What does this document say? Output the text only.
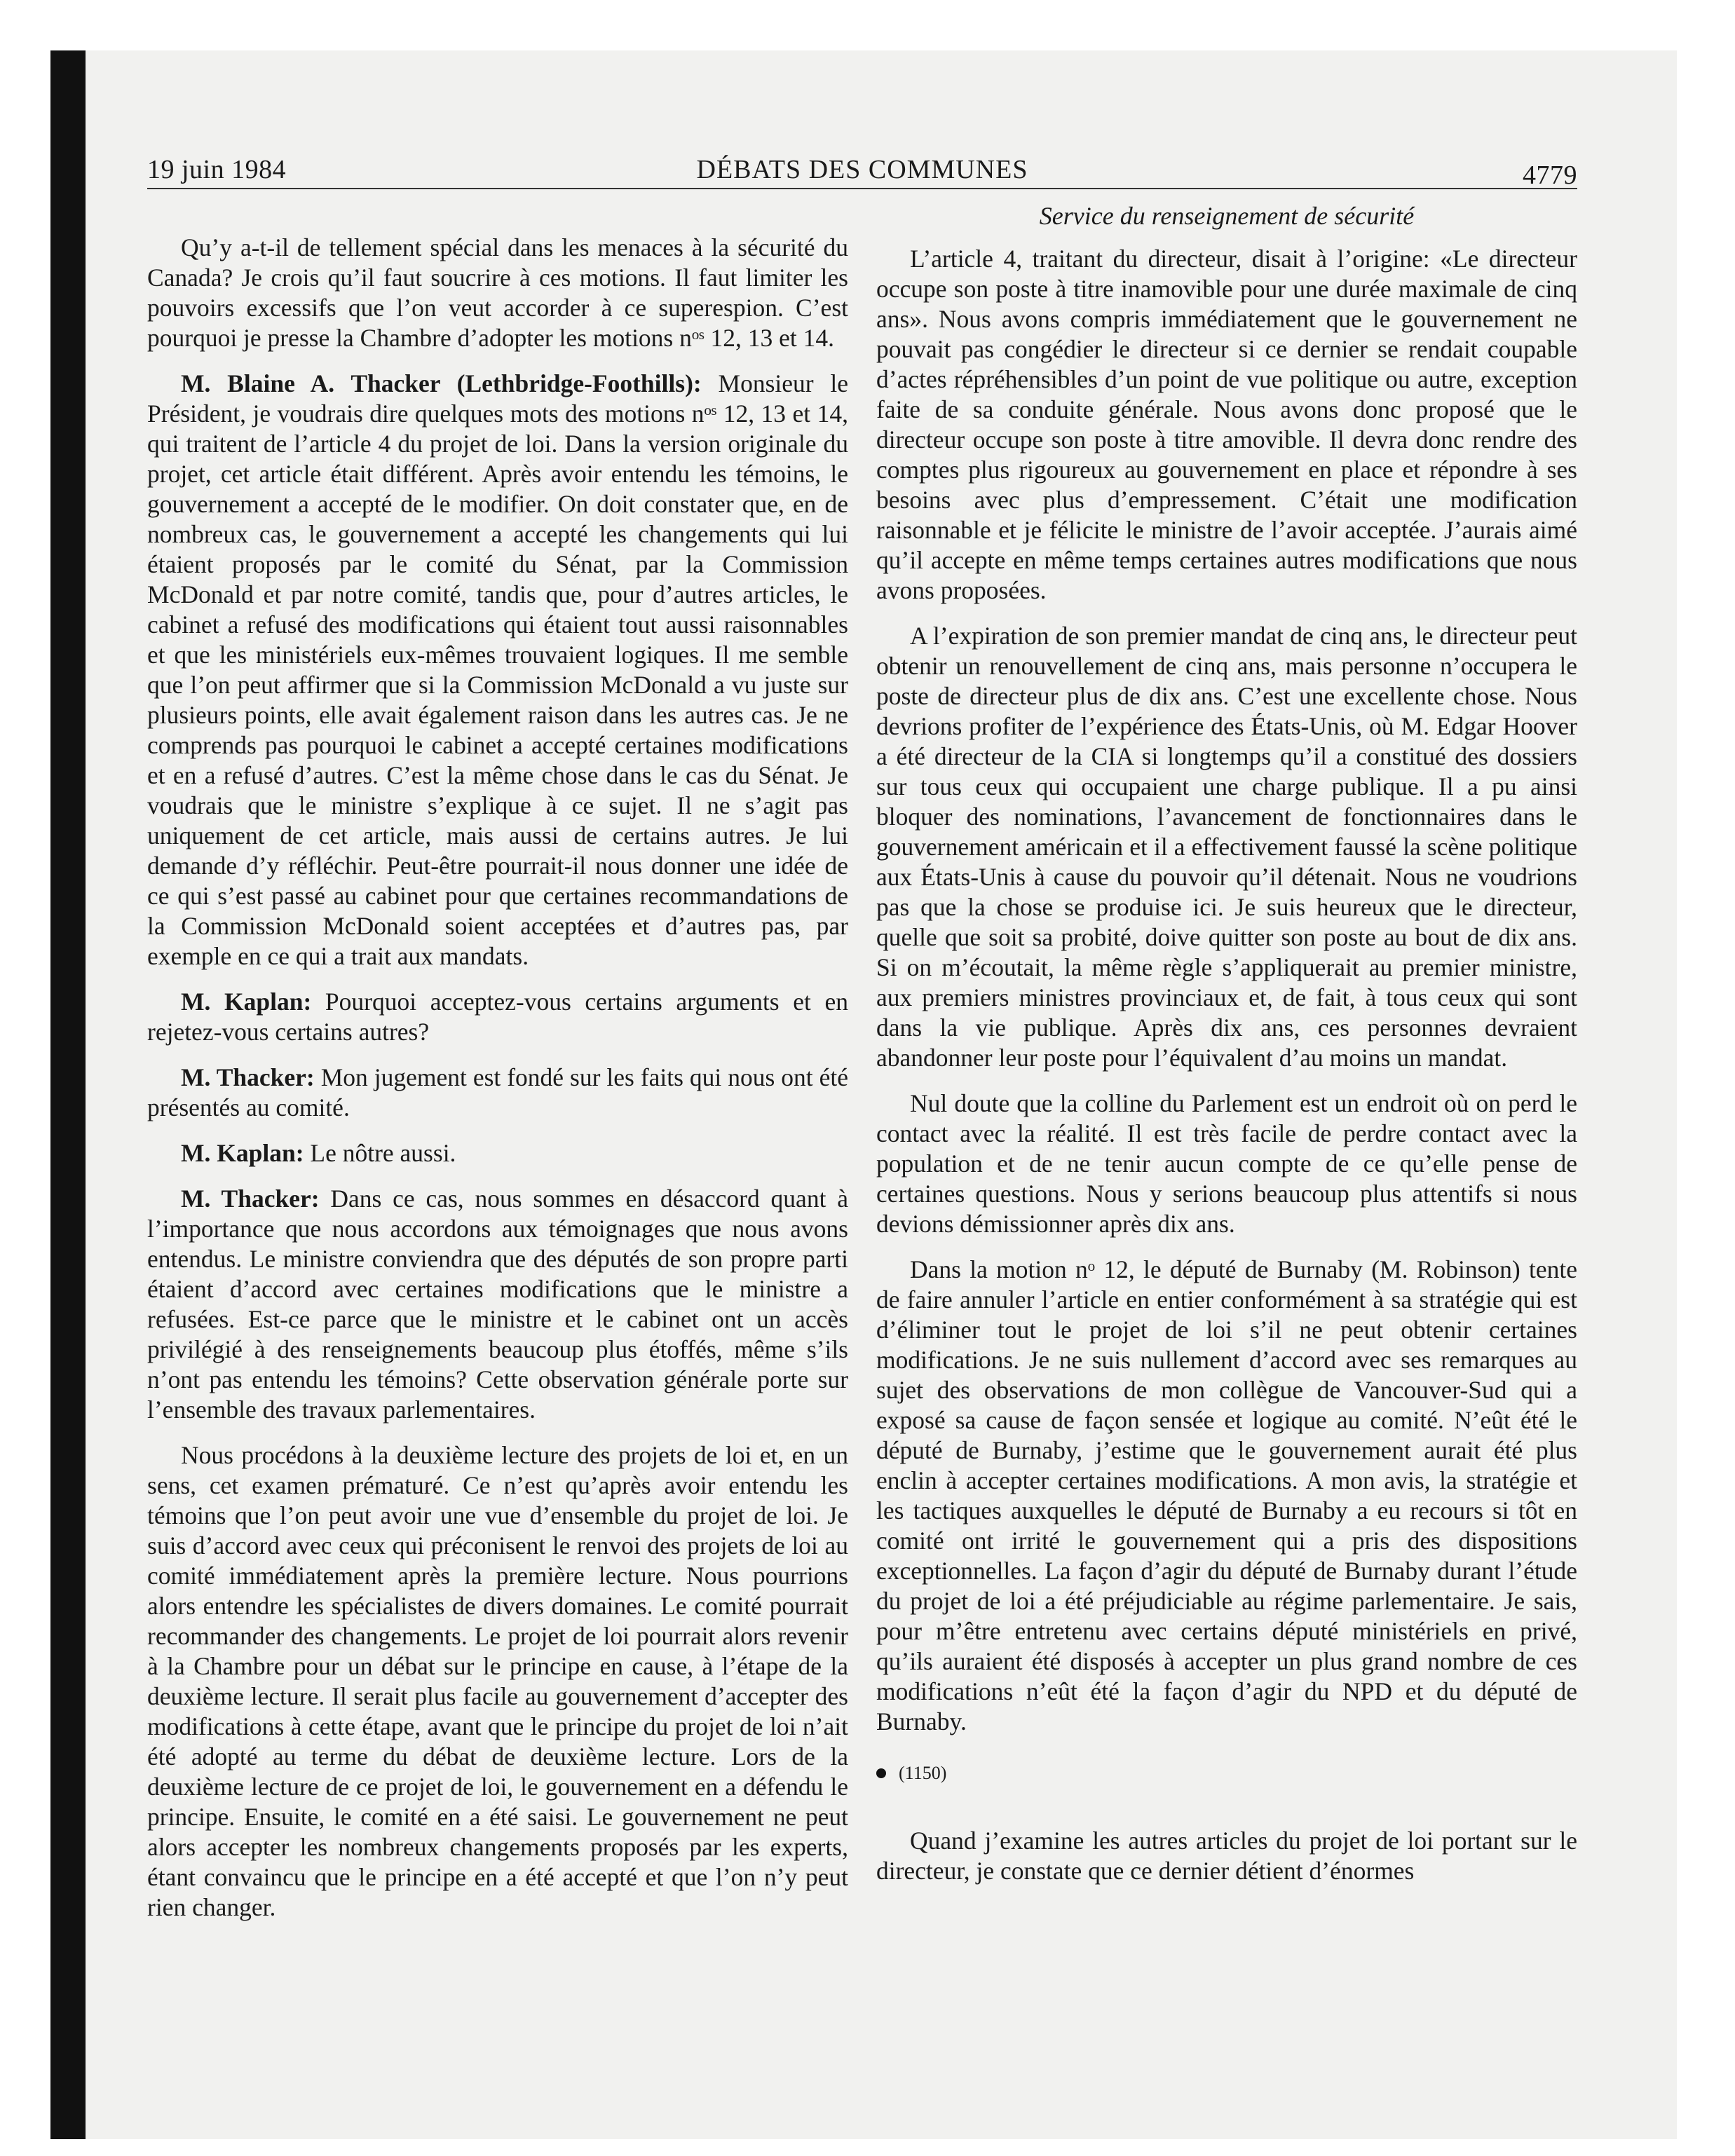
19 juin 1984	DÉBATS DES COMMUNES	4779

Qu’y a-t-il de tellement spécial dans les menaces à la sécurité du Canada? Je crois qu’il faut soucrire à ces motions. Il faut limiter les pouvoirs excessifs que l’on veut accorder à ce superespion. C’est pourquoi je presse la Chambre d’adopter les motions nᵒˢ 12, 13 et 14.

M. Blaine A. Thacker (Lethbridge-Foothills): Monsieur le Président, je voudrais dire quelques mots des motions nᵒˢ 12, 13 et 14, qui traitent de l’article 4 du projet de loi. Dans la version originale du projet, cet article était différent. Après avoir entendu les témoins, le gouvernement a accepté de le modifier. On doit constater que, en de nombreux cas, le gouvernement a accepté les changements qui lui étaient proposés par le comité du Sénat, par la Commission McDonald et par notre comité, tandis que, pour d’autres articles, le cabinet a refusé des modifications qui étaient tout aussi raisonnables et que les ministériels eux-mêmes trouvaient logiques. Il me semble que l’on peut affirmer que si la Commission McDonald a vu juste sur plusieurs points, elle avait également raison dans les autres cas. Je ne comprends pas pourquoi le cabinet a accepté certaines modifications et en a refusé d’autres. C’est la même chose dans le cas du Sénat. Je voudrais que le ministre s’explique à ce sujet. Il ne s’agit pas uniquement de cet article, mais aussi de certains autres. Je lui demande d’y réfléchir. Peut-être pourrait-il nous donner une idée de ce qui s’est passé au cabinet pour que certaines recommandations de la Commission McDonald soient acceptées et d’autres pas, par exemple en ce qui a trait aux mandats.

M. Kaplan: Pourquoi acceptez-vous certains arguments et en rejetez-vous certains autres?

M. Thacker: Mon jugement est fondé sur les faits qui nous ont été présentés au comité.

M. Kaplan: Le nôtre aussi.

M. Thacker: Dans ce cas, nous sommes en désaccord quant à l’importance que nous accordons aux témoignages que nous avons entendus. Le ministre conviendra que des députés de son propre parti étaient d’accord avec certaines modifications que le ministre a refusées. Est-ce parce que le ministre et le cabinet ont un accès privilégié à des renseignements beaucoup plus étoffés, même s’ils n’ont pas entendu les témoins? Cette observation générale porte sur l’ensemble des travaux parlementaires.

Nous procédons à la deuxième lecture des projets de loi et, en un sens, cet examen prématuré. Ce n’est qu’après avoir entendu les témoins que l’on peut avoir une vue d’ensemble du projet de loi. Je suis d’accord avec ceux qui préconisent le renvoi des projets de loi au comité immédiatement après la première lecture. Nous pourrions alors entendre les spécialistes de divers domaines. Le comité pourrait recommander des changements. Le projet de loi pourrait alors revenir à la Chambre pour un débat sur le principe en cause, à l’étape de la deuxième lecture. Il serait plus facile au gouvernement d’accepter des modifications à cette étape, avant que le principe du projet de loi n’ait été adopté au terme du débat de deuxième lecture. Lors de la deuxième lecture de ce projet de loi, le gouvernement en a défendu le principe. Ensuite, le comité en a été saisi. Le gouvernement ne peut alors accepter les nombreux changements proposés par les experts, étant convaincu que le principe en a été accepté et que l’on n’y peut rien changer.

Service du renseignement de sécurité

L’article 4, traitant du directeur, disait à l’origine: «Le directeur occupe son poste à titre inamovible pour une durée maximale de cinq ans». Nous avons compris immédiatement que le gouvernement ne pouvait pas congédier le directeur si ce dernier se rendait coupable d’actes répréhensibles d’un point de vue politique ou autre, exception faite de sa conduite générale. Nous avons donc proposé que le directeur occupe son poste à titre amovible. Il devra donc rendre des comptes plus rigoureux au gouvernement en place et répondre à ses besoins avec plus d’empressement. C’était une modification raisonnable et je félicite le ministre de l’avoir acceptée. J’aurais aimé qu’il accepte en même temps certaines autres modifications que nous avons proposées.

A l’expiration de son premier mandat de cinq ans, le directeur peut obtenir un renouvellement de cinq ans, mais personne n’occupera le poste de directeur plus de dix ans. C’est une excellente chose. Nous devrions profiter de l’expérience des États-Unis, où M. Edgar Hoover a été directeur de la CIA si longtemps qu’il a constitué des dossiers sur tous ceux qui occupaient une charge publique. Il a pu ainsi bloquer des nominations, l’avancement de fonctionnaires dans le gouvernement américain et il a effectivement faussé la scène politique aux États-Unis à cause du pouvoir qu’il détenait. Nous ne voudrions pas que la chose se produise ici. Je suis heureux que le directeur, quelle que soit sa probité, doive quitter son poste au bout de dix ans. Si on m’écoutait, la même règle s’appliquerait au premier ministre, aux premiers ministres provinciaux et, de fait, à tous ceux qui sont dans la vie publique. Après dix ans, ces personnes devraient abandonner leur poste pour l’équivalent d’au moins un mandat.

Nul doute que la colline du Parlement est un endroit où on perd le contact avec la réalité. Il est très facile de perdre contact avec la population et de ne tenir aucun compte de ce qu’elle pense de certaines questions. Nous y serions beaucoup plus attentifs si nous devions démissionner après dix ans.

Dans la motion nᵒ 12, le député de Burnaby (M. Robinson) tente de faire annuler l’article en entier conformément à sa stratégie qui est d’éliminer tout le projet de loi s’il ne peut obtenir certaines modifications. Je ne suis nullement d’accord avec ses remarques au sujet des observations de mon collègue de Vancouver-Sud qui a exposé sa cause de façon sensée et logique au comité. N’eût été le député de Burnaby, j’estime que le gouvernement aurait été plus enclin à accepter certaines modifications. A mon avis, la stratégie et les tactiques auxquelles le député de Burnaby a eu recours si tôt en comité ont irrité le gouvernement qui a pris des dispositions exceptionnelles. La façon d’agir du député de Burnaby durant l’étude du projet de loi a été préjudiciable au régime parlementaire. Je sais, pour m’être entretenu avec certains député ministériels en privé, qu’ils auraient été disposés à accepter un plus grand nombre de ces modifications n’eût été la façon d’agir du NPD et du député de Burnaby.

(1150)

Quand j’examine les autres articles du projet de loi portant sur le directeur, je constate que ce dernier détient d’énormes
